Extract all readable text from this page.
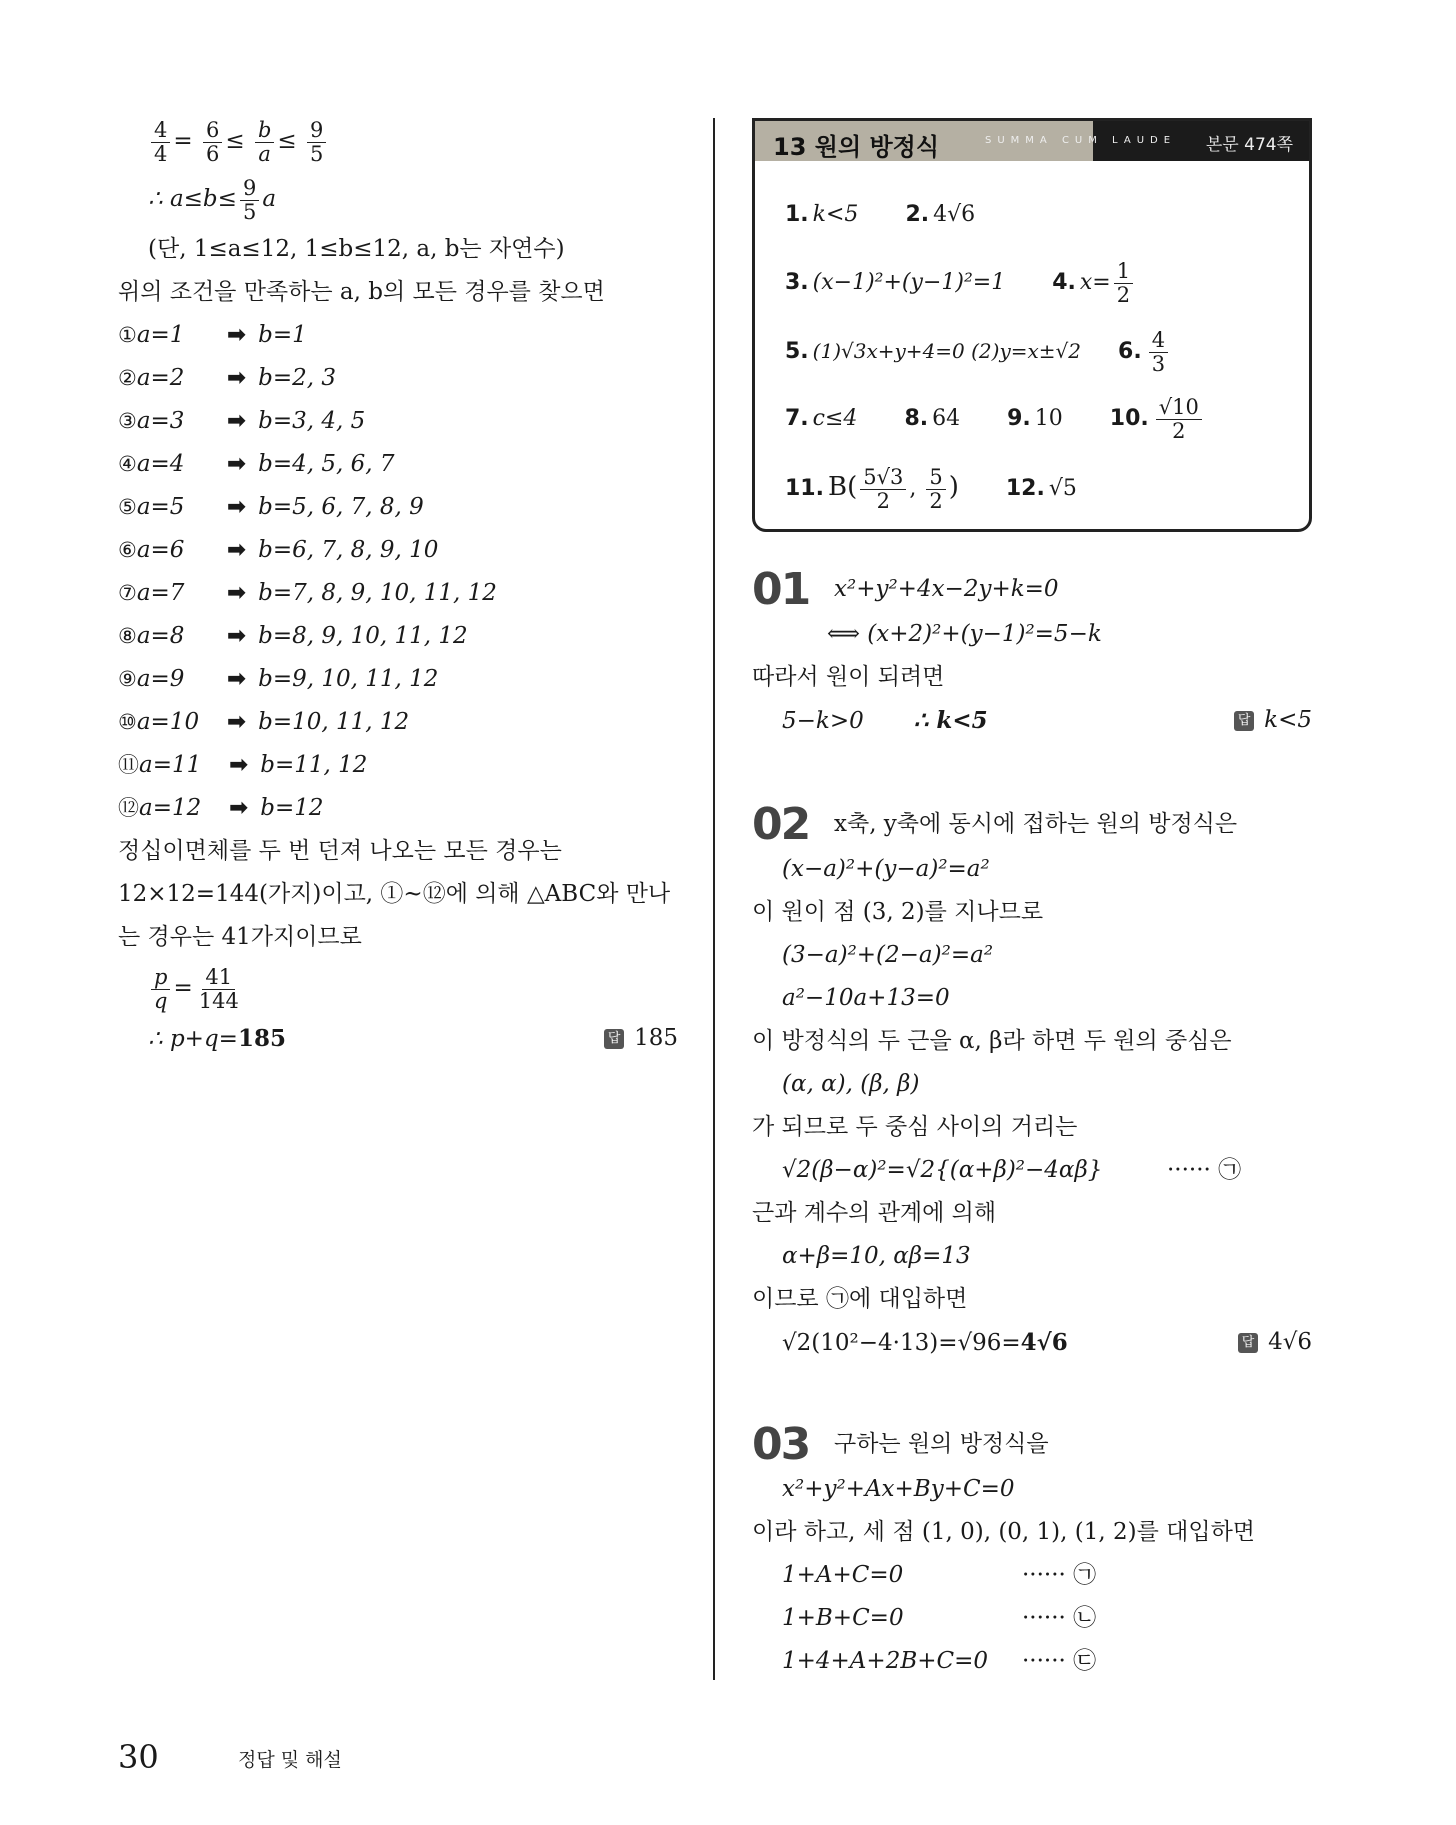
$\frac{4}{4} = \frac{6}{6} \le \frac{b}{a} \le \frac{9}{5}$
∴ $a\le b\le \frac{9}{5}$ a
(단, 1≤a≤12, 1≤b≤12, a, b는 자연수)
위의 조건을 만족하는 a, b의 모든 경우를 찾으면
①a=1 ➡ b=1
②a=2 ➡ b=2, 3
③a=3 ➡ b=3, 4, 5
④a=4 ➡ b=4, 5, 6, 7
⑤a=5 ➡ b=5, 6, 7, 8, 9
⑥a=6 ➡ b=6, 7, 8, 9, 10
⑦a=7 ➡ b=7, 8, 9, 10, 11, 12
⑧a=8 ➡ b=8, 9, 10, 11, 12
⑨a=9 ➡ b=9, 10, 11, 12
⑩a=10 ➡ b=10, 11, 12
⑪a=11 ➡ b=11, 12
⑫a=12 ➡ b=12
정십이면체를 두 번 던져 나오는 모든 경우는
12×12=144(가지)이고, ①~⑫에 의해 △ABC와 만나
는 경우는 41가지이므로
$\frac{p}{q} = \frac{41}{144}$
∴ p+q=185	답 185
13 원의 방정식	SUMMA CUM LAUDE 본문 474쪽
1. k<5 2. 4√6
3. (x−1)²+(y−1)²=1 4. $x= \frac{1}{2}$
5. (1)√3x+y+4=0 (2)y=x±√2 6. $\frac{4}{3}$
7. c≤4 8. 64 9. 10 10. $\frac{√10}{2}$
11. $B( \frac{5√3}{2}$ , $\frac{5}{2}$ ) 12. √5
01 x²+y²+4x−2y+k=0
⟺ (x+2)²+(y−1)²=5−k
따라서 원이 되려면
5−k>0 ∴ k<5	답 k<5
02 x축, y축에 동시에 접하는 원의 방정식은
(x−a)²+(y−a)²=a²
이 원이 점 (3, 2)를 지나므로
(3−a)²+(2−a)²=a²
a²−10a+13=0
이 방정식의 두 근을 α, β라 하면 두 원의 중심은
(α, α), (β, β)
가 되므로 두 중심 사이의 거리는
√2(β−α)²=√2{(α+β)²−4αβ}	······ ㉠
근과 계수의 관계에 의해
α+β=10, αβ=13
이므로 ㉠에 대입하면
√2(10²−4·13)=√96=4√6	답 4√6
03 구하는 원의 방정식을
x²+y²+Ax+By+C=0
이라 하고, 세 점 (1, 0), (0, 1), (1, 2)를 대입하면
1+A+C=0	······ ㉠
1+B+C=0	······ ㉡
1+4+A+2B+C=0 ······ ㉢
30	정답 및 해설
